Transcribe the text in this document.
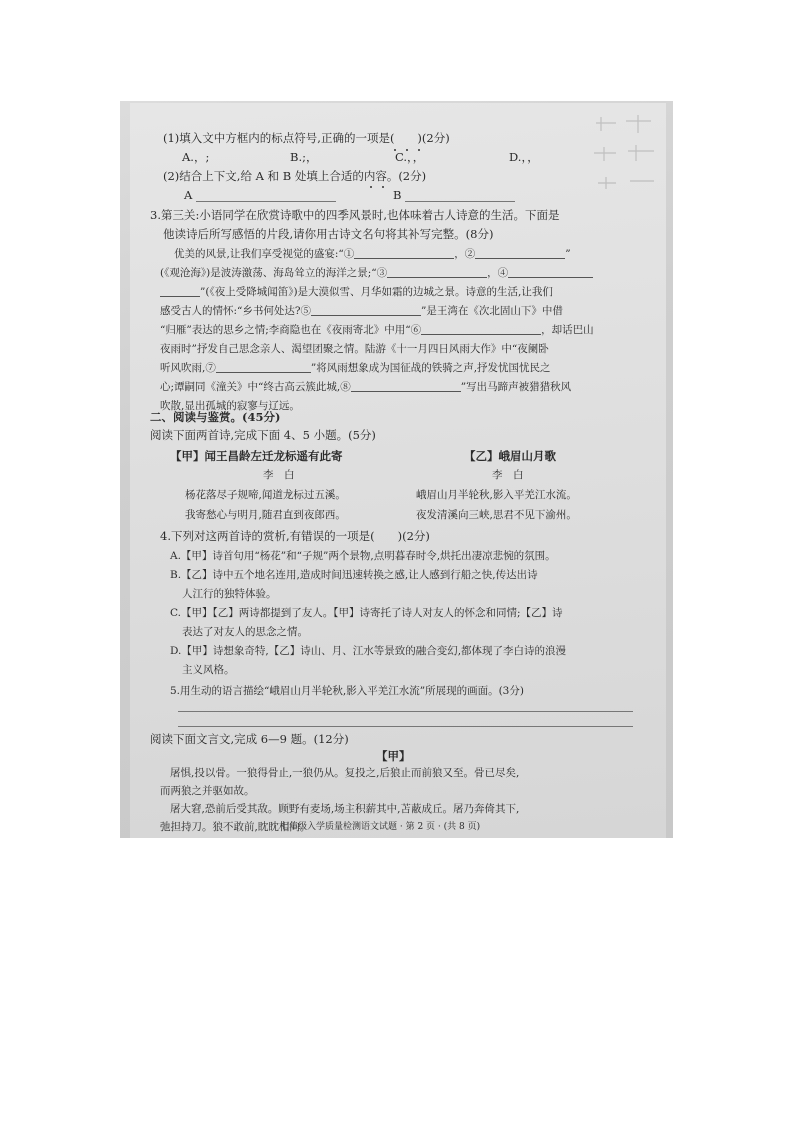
(1)填入文中方框内的标点符号,正确的一项是(　　)(2分)
A.，;	B.;，	C.，，	D.，，
(2)结合上下文,给 A 和 B 处填上合适的内容。(2分)
A	B
3.第三关:小语同学在欣赏诗歌中的四季风景时,也体味着古人诗意的生活。下面是
他读诗后所写感悟的片段,请你用古诗文名句将其补写完整。(8分)
优美的风景,让我们享受视觉的盛宴:“①	，②	”
(《观沧海》)是波涛激荡、海岛耸立的海洋之景;“③	，④
”(《夜上受降城闻笛》)是大漠似雪、月华如霜的边城之景。诗意的生活,让我们
感受古人的情怀:“乡书何处达?⑤	”是王湾在《次北固山下》中借
“归雁”表达的思乡之情;李商隐也在《夜雨寄北》中用“⑥	，却话巴山
夜雨时”抒发自己思念亲人、渴望团聚之情。陆游《十一月四日风雨大作》中“夜阑卧
听风吹雨,⑦	”将风雨想象成为国征战的铁骑之声,抒发忧国忧民之
心;谭嗣同《潼关》中“终古高云簇此城,⑧	”写出马蹄声被猎猎秋风
吹散,显出孤城的寂寥与辽远。
二、阅读与鉴赏。(45分)
阅读下面两首诗,完成下面 4、5 小题。(5分)
【甲】闻王昌龄左迁龙标遥有此寄
李　白
杨花落尽子规啼,闻道龙标过五溪。
我寄愁心与明月,随君直到夜郎西。
【乙】峨眉山月歌
李　白
峨眉山月半轮秋,影入平羌江水流。
夜发清溪向三峡,思君不见下渝州。
4.下列对这两首诗的赏析,有错误的一项是(　　)(2分)
A.【甲】诗首句用“杨花”和“子规”两个景物,点明暮春时令,烘托出凄凉悲惋的氛围。
B.【乙】诗中五个地名连用,造成时间迅速转换之感,让人感到行船之快,传达出诗
人江行的独特体验。
C.【甲】【乙】两诗都提到了友人。【甲】诗寄托了诗人对友人的怀念和同情;【乙】诗
表达了对友人的思念之情。
D.【甲】诗想象奇特,【乙】诗山、月、江水等景致的融合变幻,都体现了李白诗的浪漫
主义风格。
5.用生动的语言描绘“峨眉山月半轮秋,影入平羌江水流”所展现的画面。(3分)
阅读下面文言文,完成 6—9 题。(12分)
【甲】
屠惧,投以骨。一狼得骨止,一狼仍从。复投之,后狼止而前狼又至。骨已尽矣,
而两狼之并驱如故。
屠大窘,恐前后受其敌。顾野有麦场,场主积薪其中,苫蔽成丘。屠乃奔倚其下,
弛担持刀。狼不敢前,眈眈相向。
七年级入学质量检测语文试题 · 第 2 页 · (共 8 页)
